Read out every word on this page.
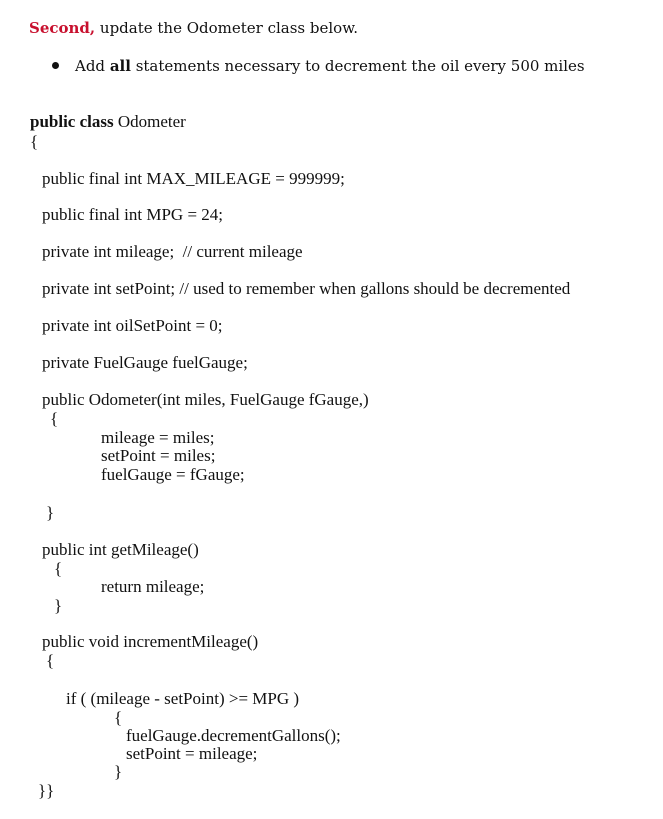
Second, update the Odometer class below.
Add all statements necessary to decrement the oil every 500 miles
public class Odometer
{
public final int MAX_MILEAGE = 999999;
public final int MPG = 24;
private int mileage;  // current mileage
private int setPoint; // used to remember when gallons should be decremented
private int oilSetPoint = 0;
private FuelGauge fuelGauge;
public Odometer(int miles, FuelGauge fGauge,)
{
mileage = miles;
setPoint = miles;
fuelGauge = fGauge;
}
public int getMileage()
{
return mileage;
}
public void incrementMileage()
{
if ( (mileage - setPoint) >= MPG )
{
fuelGauge.decrementGallons();
setPoint = mileage;
}
}}
